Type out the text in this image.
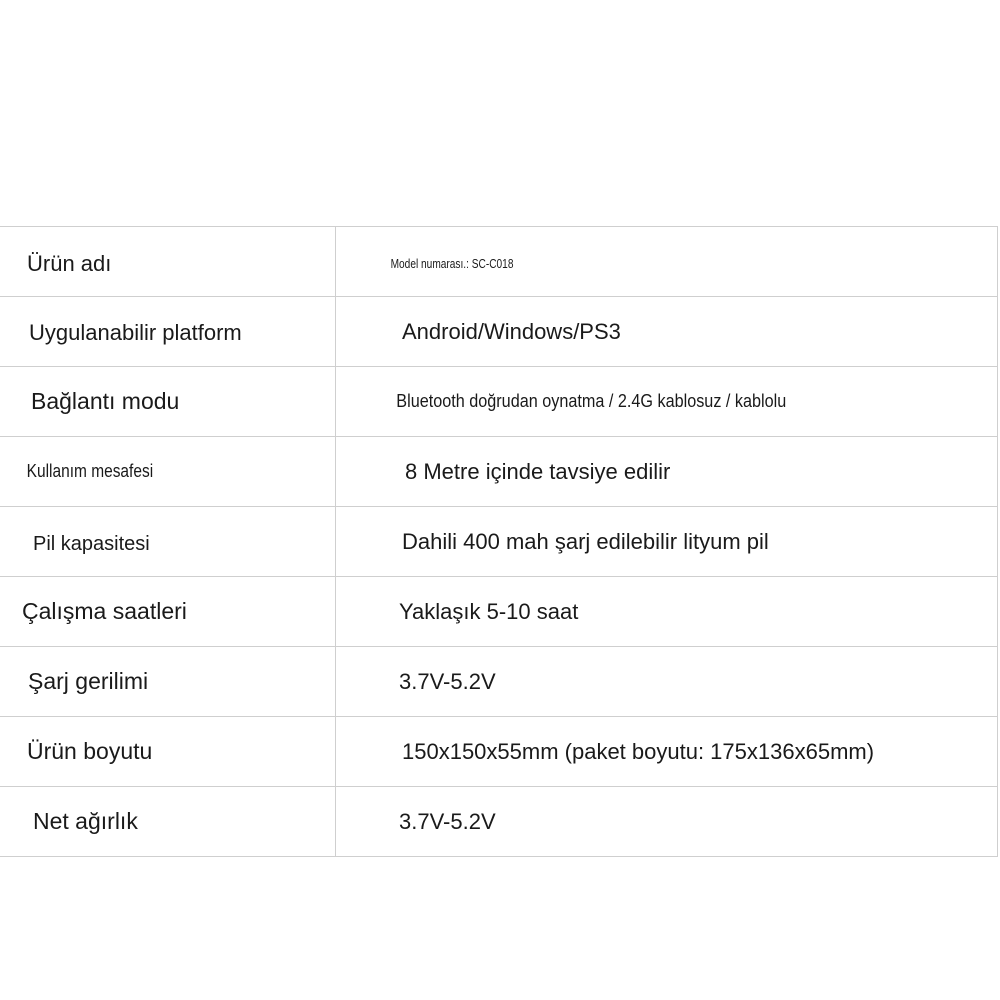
Ürün adı	Model numarası.: SC-C018
Uygulanabilir platform	Android/Windows/PS3
Bağlantı modu	Bluetooth doğrudan oynatma / 2.4G kablosuz / kablolu
Kullanım mesafesi	8 Metre içinde tavsiye edilir
Pil kapasitesi	Dahili 400 mah şarj edilebilir lityum pil
Çalışma saatleri	Yaklaşık 5-10 saat
Şarj gerilimi	3.7V-5.2V
Ürün boyutu	150x150x55mm (paket boyutu: 175x136x65mm)
Net ağırlık	3.7V-5.2V
